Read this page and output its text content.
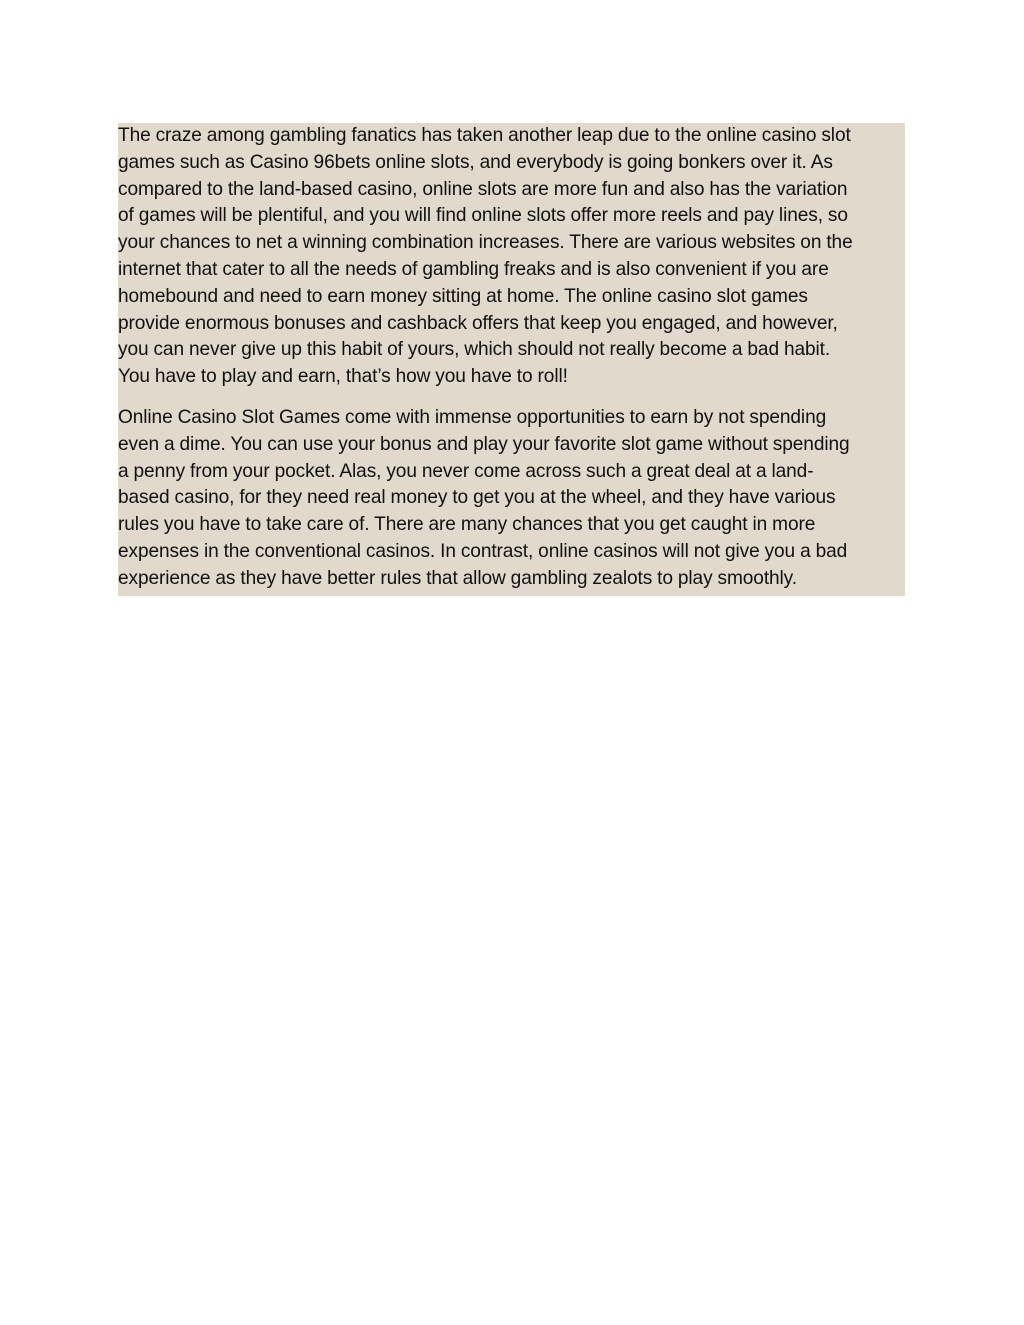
The craze among gambling fanatics has taken another leap due to the online casino slot
games such as Casino 96bets online slots, and everybody is going bonkers over it. As
compared to the land-based casino, online slots are more fun and also has the variation
of games will be plentiful, and you will find online slots offer more reels and pay lines, so
your chances to net a winning combination increases. There are various websites on the
internet that cater to all the needs of gambling freaks and is also convenient if you are
homebound and need to earn money sitting at home. The online casino slot games
provide enormous bonuses and cashback offers that keep you engaged, and however,
you can never give up this habit of yours, which should not really become a bad habit.
You have to play and earn, that’s how you have to roll!

Online Casino Slot Games come with immense opportunities to earn by not spending
even a dime. You can use your bonus and play your favorite slot game without spending
a penny from your pocket. Alas, you never come across such a great deal at a land-
based casino, for they need real money to get you at the wheel, and they have various
rules you have to take care of. There are many chances that you get caught in more
expenses in the conventional casinos. In contrast, online casinos will not give you a bad
experience as they have better rules that allow gambling zealots to play smoothly.
